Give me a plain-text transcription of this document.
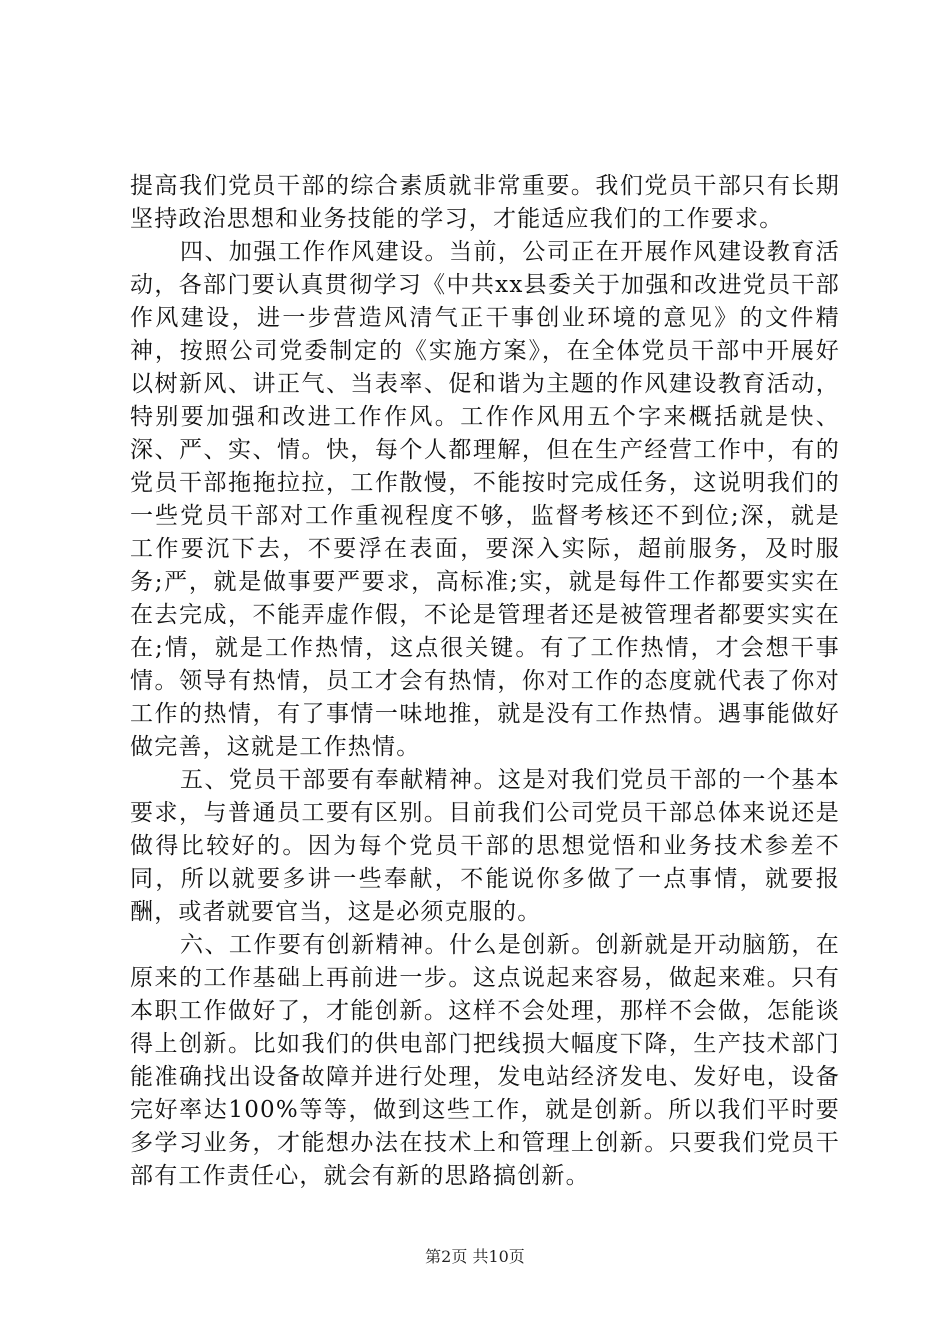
提高我们党员干部的综合素质就非常重要。我们党员干部只有长期坚持政治思想和业务技能的学习，才能适应我们的工作要求。

四、加强工作作风建设。当前，公司正在开展作风建设教育活动，各部门要认真贯彻学习《中共xx县委关于加强和改进党员干部作风建设，进一步营造风清气正干事创业环境的意见》的文件精神，按照公司党委制定的《实施方案》，在全体党员干部中开展好以树新风、讲正气、当表率、促和谐为主题的作风建设教育活动，特别要加强和改进工作作风。工作作风用五个字来概括就是快、深、严、实、情。快，每个人都理解，但在生产经营工作中，有的党员干部拖拖拉拉，工作散慢，不能按时完成任务，这说明我们的一些党员干部对工作重视程度不够，监督考核还不到位;深，就是工作要沉下去，不要浮在表面，要深入实际，超前服务，及时服务;严，就是做事要严要求，高标准;实，就是每件工作都要实实在在去完成，不能弄虚作假，不论是管理者还是被管理者都要实实在在;情，就是工作热情，这点很关键。有了工作热情，才会想干事情。领导有热情，员工才会有热情，你对工作的态度就代表了你对工作的热情，有了事情一味地推，就是没有工作热情。遇事能做好做完善，这就是工作热情。

五、党员干部要有奉献精神。这是对我们党员干部的一个基本要求，与普通员工要有区别。目前我们公司党员干部总体来说还是做得比较好的。因为每个党员干部的思想觉悟和业务技术参差不同，所以就要多讲一些奉献，不能说你多做了一点事情，就要报酬，或者就要官当，这是必须克服的。

六、工作要有创新精神。什么是创新。创新就是开动脑筋，在原来的工作基础上再前进一步。这点说起来容易，做起来难。只有本职工作做好了，才能创新。这样不会处理，那样不会做，怎能谈得上创新。比如我们的供电部门把线损大幅度下降，生产技术部门能准确找出设备故障并进行处理，发电站经济发电、发好电，设备完好率达100%等等，做到这些工作，就是创新。所以我们平时要多学习业务，才能想办法在技术上和管理上创新。只要我们党员干部有工作责任心，就会有新的思路搞创新。

第2页 共10页
